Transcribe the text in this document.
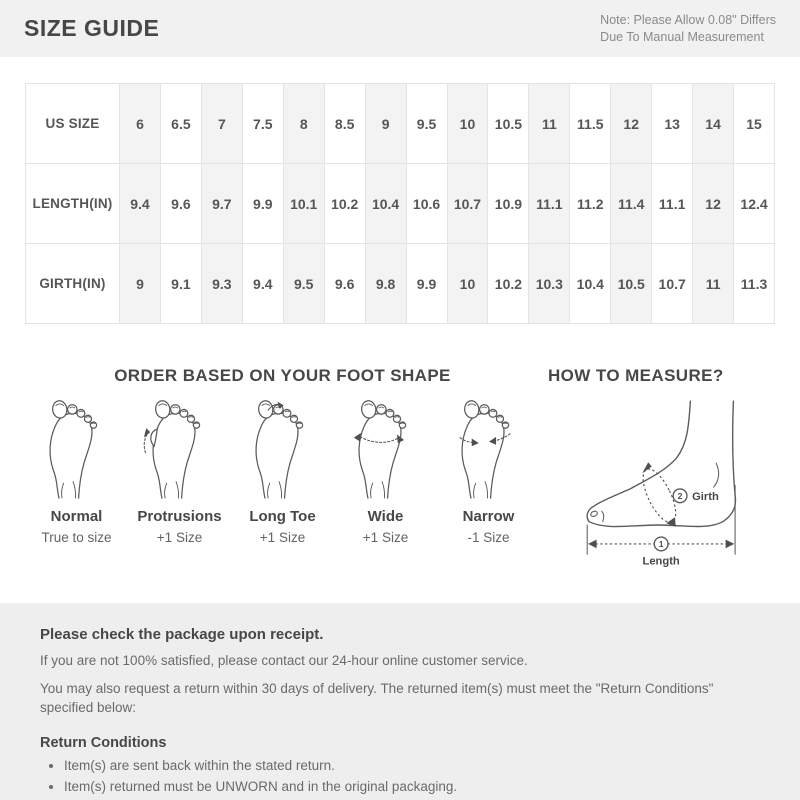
SIZE GUIDE	Note: Please Allow 0.08" Differs
Due To Manual Measurement
US SIZE	6	6.5	7	7.5	8	8.5	9	9.5	10	10.5	11	11.5	12	13	14	15
LENGTH(IN)	9.4	9.6	9.7	9.9	10.1	10.2	10.4	10.6	10.7	10.9	11.1	11.2	11.4	11.1	12	12.4
GIRTH(IN)	9	9.1	9.3	9.4	9.5	9.6	9.8	9.9	10	10.2	10.3	10.4	10.5	10.7	11	11.3
ORDER BASED ON YOUR FOOT SHAPE
Normal
True to size
Protrusions
+1 Size
Long Toe
+1 Size
Wide
+1 Size
Narrow
-1 Size
HOW TO MEASURE?
2 Girth
1
Length
Please check the package upon receipt.
If you are not 100% satisfied, please contact our 24-hour online customer service.
You may also request a return within 30 days of delivery. The returned item(s) must meet the "Return Conditions" specified below:
Return Conditions
• Item(s) are sent back within the stated return.
• Item(s) returned must be UNWORN and in the original packaging.
